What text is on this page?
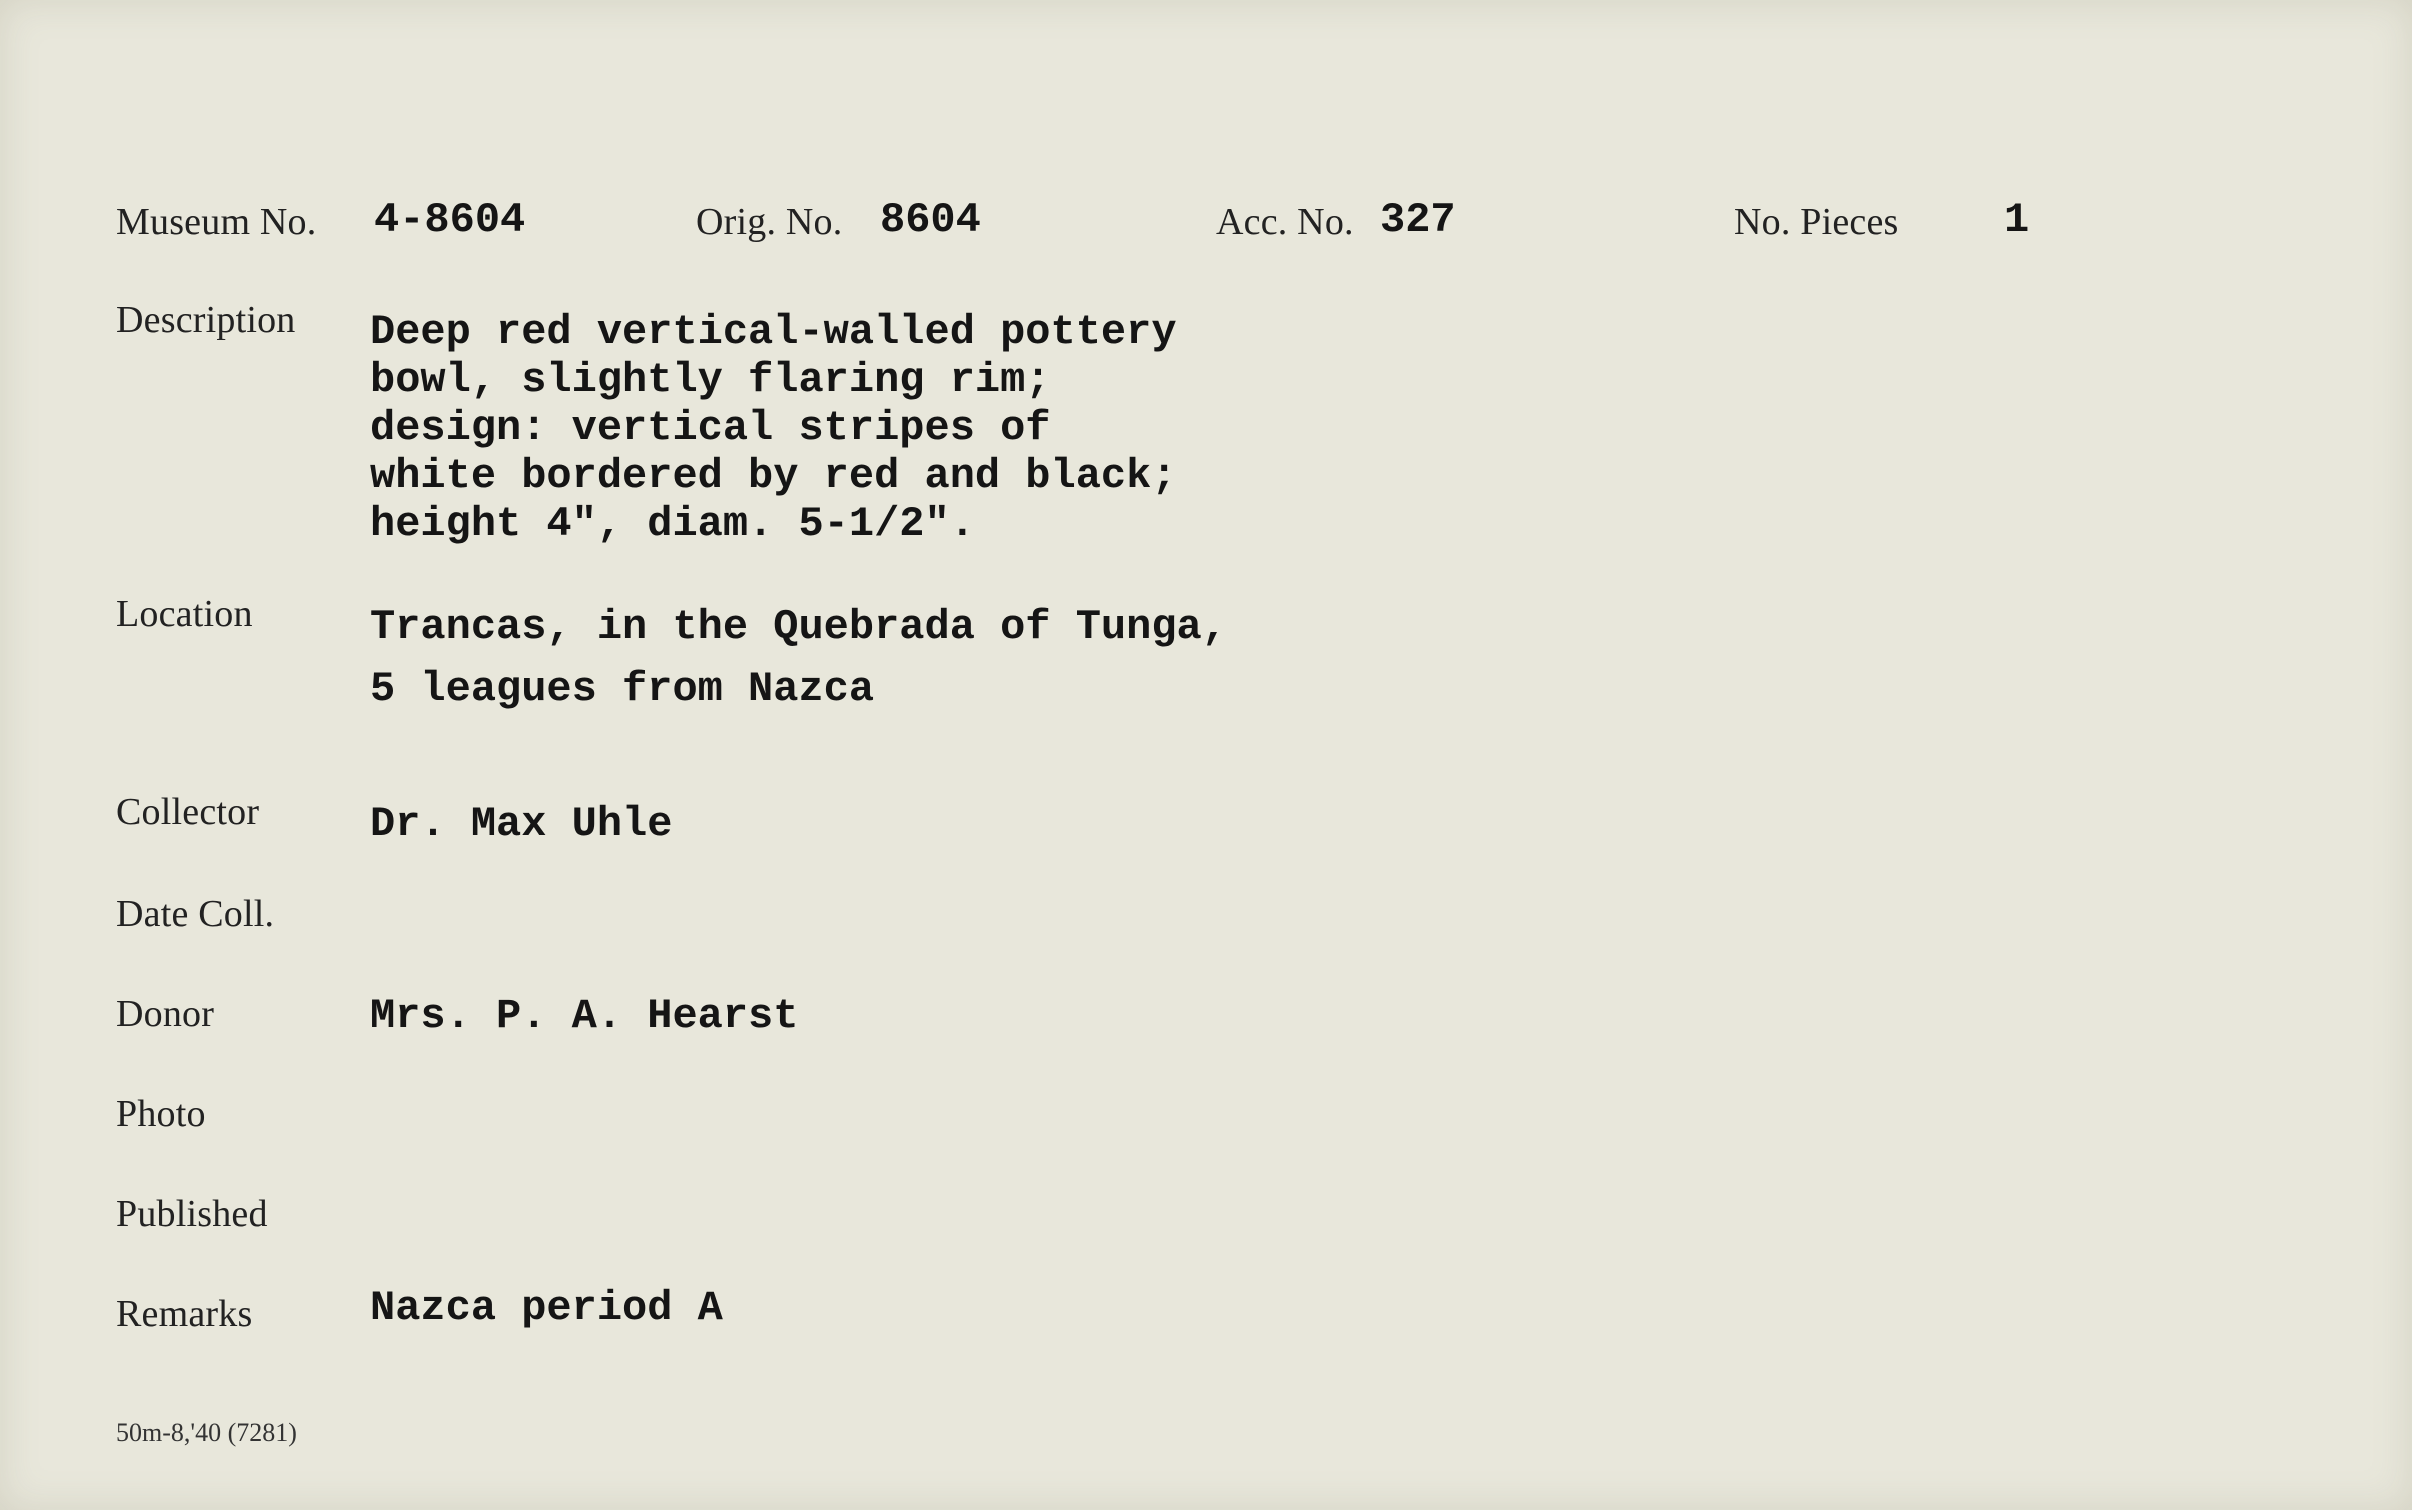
Museum No. 4-8604	Orig. No. 8604	Acc. No. 327	No. Pieces	1
Description Deep red vertical-walled pottery
bowl, slightly flaring rim;
design: vertical stripes of
white bordered by red and black;
height 4", diam. 5-1/2".
Location	Trancas, in the Quebrada of Tunga,
5 leagues from Nazca
Collector	Dr. Max Uhle
Date Coll.
Donor	Mrs. P. A. Hearst
Photo
Published
Remarks	Nazca period A
50m-8,'40 (7281)
